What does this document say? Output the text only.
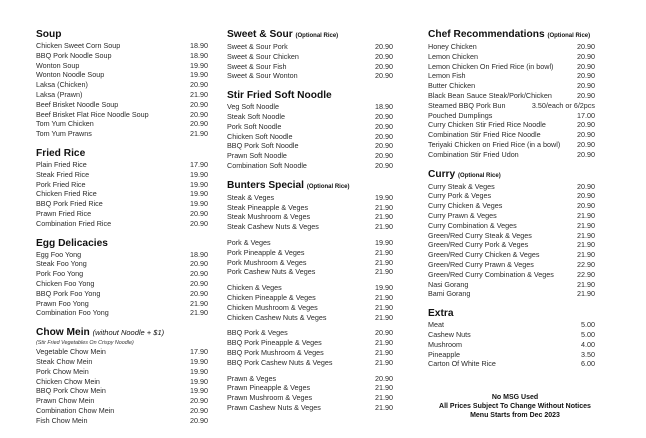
Soup
Chicken Sweet Corn Soup	18.90
BBQ Pork Noodle Soup	18.90
Wonton Soup	19.90
Wonton Noodle Soup	19.90
Laksa (Chicken)	20.90
Laksa (Prawn)	21.90
Beef Brisket Noodle Soup	20.90
Beef Brisket Flat Rice Noodle Soup	20.90
Tom Yum Chicken	20.90
Tom Yum Prawns	21.90
Fried Rice
Plain Fried Rice	17.90
Steak Fried Rice	19.90
Pork Fried Rice	19.90
Chicken Fried Rice	19.90
BBQ Pork Fried Rice	19.90
Prawn Fried Rice	20.90
Combination Fried Rice	20.90
Egg Delicacies
Egg Foo Yong	18.90
Steak Foo Yong	20.90
Pork Foo Yong	20.90
Chicken Foo Yong	20.90
BBQ Pork Foo Yong	20.90
Prawn Foo Yong	21.90
Combination Foo Yong	21.90
Chow Mein (without Noodle + $1)
(Stir Fried Vegetables On Crispy Noodle)
Vegetable Chow Mein	17.90
Steak Chow Mein	19.90
Pork Chow Mein	19.90
Chicken Chow Mein	19.90
BBQ Pork Chow Mein	19.90
Prawn Chow Mein	20.90
Combination Chow Mein	20.90
Fish Chow Mein	20.90
Sweet & Sour (Optional Rice)
Sweet & Sour Pork	20.90
Sweet & Sour Chicken	20.90
Sweet & Sour Fish	20.90
Sweet & Sour Wonton	20.90
Stir Fried Soft Noodle
Veg Soft Noodle	18.90
Steak Soft Noodle	20.90
Pork Soft Noodle	20.90
Chicken Soft Noodle	20.90
BBQ Pork Soft Noodle	20.90
Prawn Soft Noodle	20.90
Combination Soft Noodle	20.90
Bunters Special (Optional Rice)
Steak & Veges	19.90
Steak Pineapple & Veges	21.90
Steak Mushroom & Veges	21.90
Steak Cashew Nuts & Veges	21.90
Pork & Veges	19.90
Pork Pineapple & Veges	21.90
Pork Mushroom & Veges	21.90
Pork Cashew Nuts & Veges	21.90
Chicken & Veges	19.90
Chicken Pineapple & Veges	21.90
Chicken Mushroom & Veges	21.90
Chicken Cashew Nuts & Veges	21.90
BBQ Pork & Veges	20.90
BBQ Pork Pineapple & Veges	21.90
BBQ Pork Mushroom & Veges	21.90
BBQ Pork Cashew Nuts & Veges	21.90
Prawn & Veges	20.90
Prawn Pineapple & Veges	21.90
Prawn Mushroom & Veges	21.90
Prawn Cashew Nuts & Veges	21.90
Chef Recommendations (Optional Rice)
Honey Chicken	20.90
Lemon Chicken	20.90
Lemon Chicken On Fried Rice (in bowl)	20.90
Lemon Fish	20.90
Butter Chicken	20.90
Black Bean Sauce Steak/Pork/Chicken	20.90
Steamed BBQ Pork Bun	3.50/each or 6/2pcs
Pouched Dumplings	17.00
Curry Chicken Stir Fried Rice Noodle	20.90
Combination Stir Fried Rice Noodle	20.90
Teriyaki Chicken on Fried Rice (in a bowl) 20.90
Combination Stir Fried Udon	20.90
Curry (Optional Rice)
Curry Steak & Veges	20.90
Curry Pork & Veges	20.90
Curry Chicken & Veges	20.90
Curry Prawn & Veges	21.90
Curry Combination & Veges	21.90
Green/Red Curry Steak & Veges	21.90
Green/Red Curry Pork & Veges	21.90
Green/Red Curry Chicken & Veges	21.90
Green/Red Curry Prawn & Veges	22.90
Green/Red Curry Combination & Veges	22.90
Nasi Gorang	21.90
Bami Gorang	21.90
Extra
Meat	5.00
Cashew Nuts	5.00
Mushroom	4.00
Pineapple	3.50
Carton Of White Rice	6.00
No MSG Used
All Prices Subject To Change Without Notices
Menu Starts from Dec 2023
